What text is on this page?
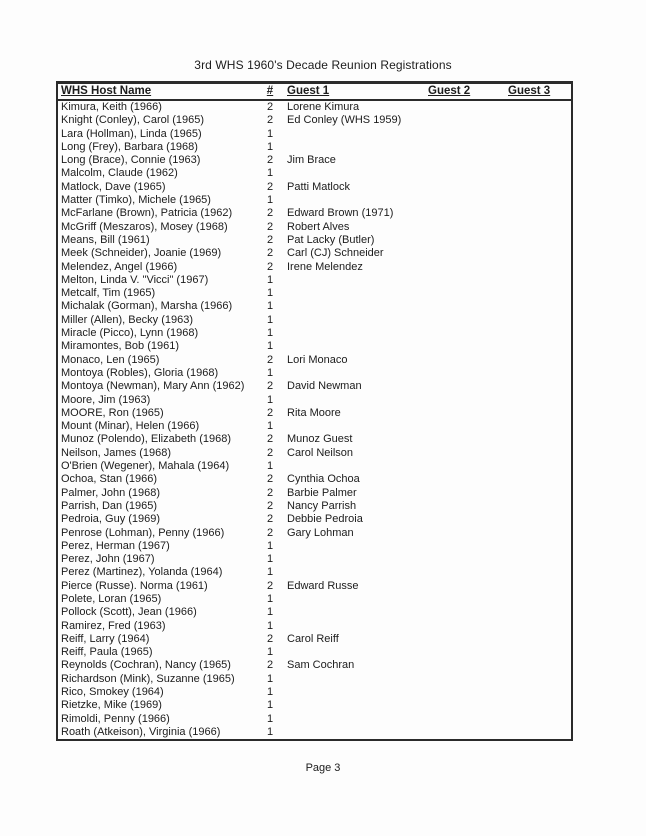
3rd WHS 1960's Decade Reunion Registrations
WHS Host Name	#	Guest 1	Guest 2	Guest 3
Kimura, Keith (1966)	2	Lorene Kimura
Knight (Conley), Carol (1965)	2	Ed Conley (WHS 1959)
Lara (Hollman), Linda (1965)	1
Long (Frey), Barbara (1968)	1
Long (Brace), Connie (1963)	2	Jim Brace
Malcolm, Claude (1962)	1
Matlock, Dave (1965)	2	Patti Matlock
Matter (Timko), Michele (1965)	1
McFarlane (Brown), Patricia (1962)	2	Edward Brown (1971)
McGriff (Meszaros), Mosey (1968)	2	Robert Alves
Means, Bill (1961)	2	Pat Lacky (Butler)
Meek (Schneider), Joanie (1969)	2	Carl (CJ) Schneider
Melendez, Angel (1966)	2	Irene Melendez
Melton, Linda V. "Vicci" (1967)	1
Metcalf, Tim (1965)	1
Michalak (Gorman), Marsha (1966)	1
Miller (Allen), Becky (1963)	1
Miracle (Picco), Lynn (1968)	1
Miramontes, Bob (1961)	1
Monaco, Len (1965)	2	Lori Monaco
Montoya (Robles), Gloria (1968)	1
Montoya (Newman), Mary Ann (1962)	2	David Newman
Moore, Jim (1963)	1
MOORE, Ron (1965)	2	Rita Moore
Mount (Minar), Helen (1966)	1
Munoz (Polendo), Elizabeth (1968)	2	Munoz Guest
Neilson, James (1968)	2	Carol Neilson
O'Brien (Wegener), Mahala (1964)	1
Ochoa, Stan (1966)	2	Cynthia Ochoa
Palmer, John (1968)	2	Barbie Palmer
Parrish, Dan (1965)	2	Nancy Parrish
Pedroia, Guy (1969)	2	Debbie Pedroia
Penrose (Lohman), Penny (1966)	2	Gary Lohman
Perez, Herman (1967)	1
Perez, John (1967)	1
Perez (Martinez), Yolanda (1964)	1
Pierce (Russe). Norma (1961)	2	Edward Russe
Polete, Loran (1965)	1
Pollock (Scott), Jean (1966)	1
Ramirez, Fred (1963)	1
Reiff, Larry (1964)	2	Carol Reiff
Reiff, Paula (1965)	1
Reynolds (Cochran), Nancy (1965)	2	Sam Cochran
Richardson (Mink), Suzanne (1965)	1
Rico, Smokey (1964)	1
Rietzke, Mike (1969)	1
Rimoldi, Penny (1966)	1
Roath (Atkeison), Virginia (1966)	1
Page 3
